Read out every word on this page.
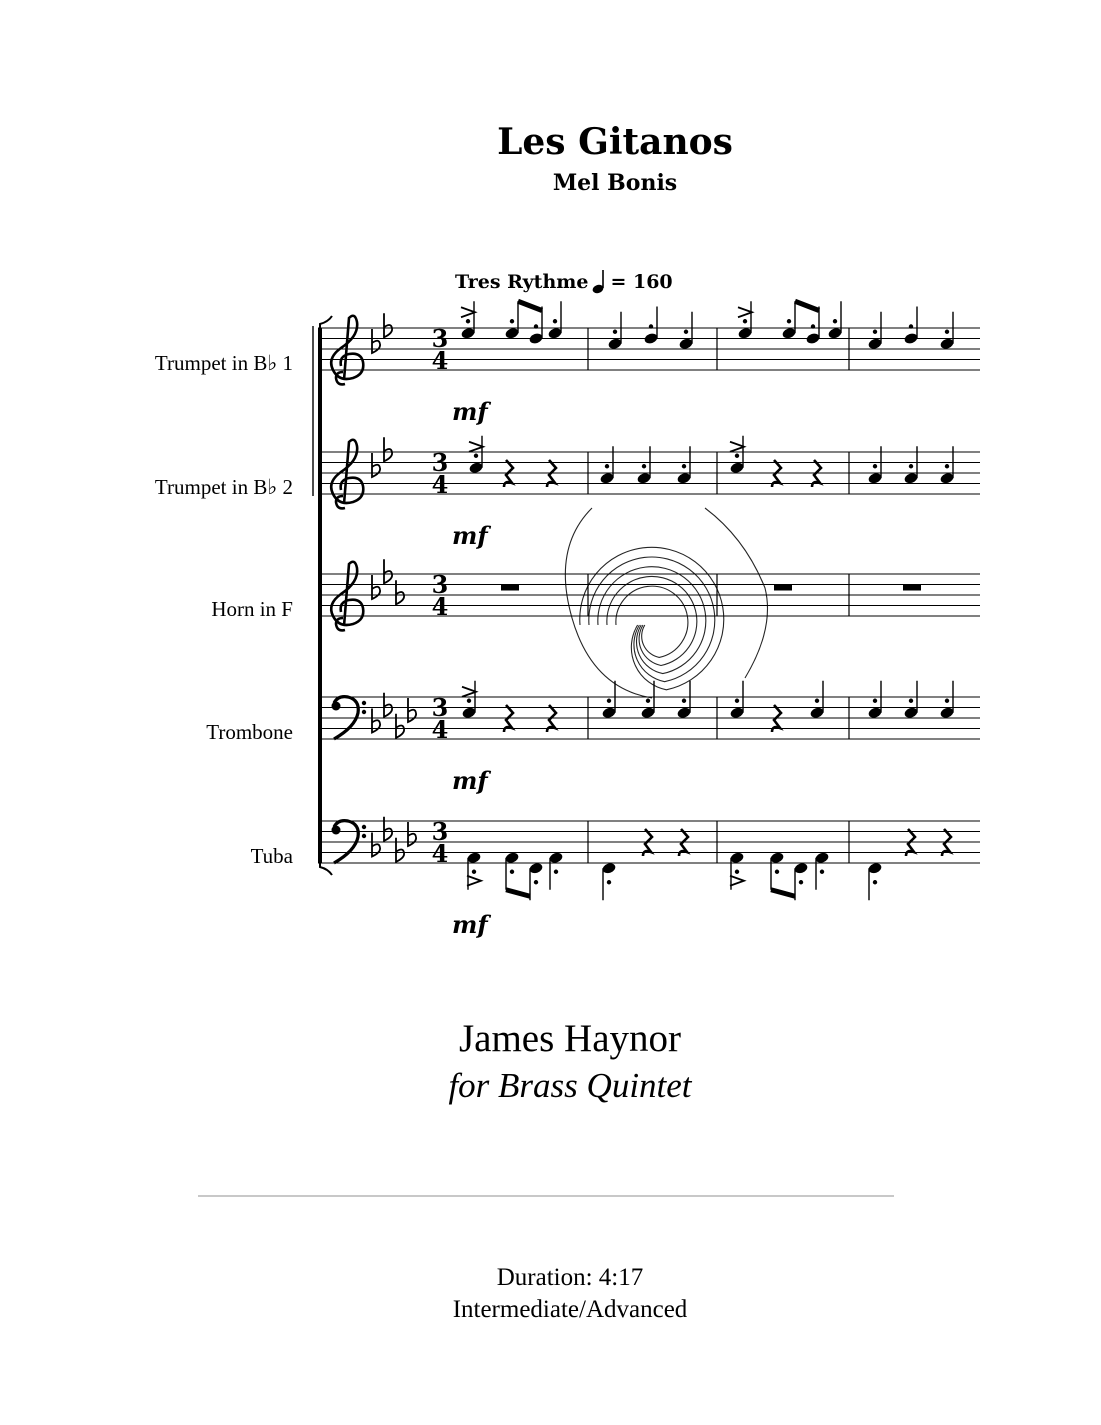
Les Gitanos
Mel Bonis
Tres Rythme = 160
Trumpet in B♭ 1
Trumpet in B♭ 2
Horn in F
Trombone
Tuba
3
4
mf
3
4
mf
3
4
3
4
mf
3
4
mf
James Haynor
for Brass Quintet
Duration: 4:17
Intermediate/Advanced
